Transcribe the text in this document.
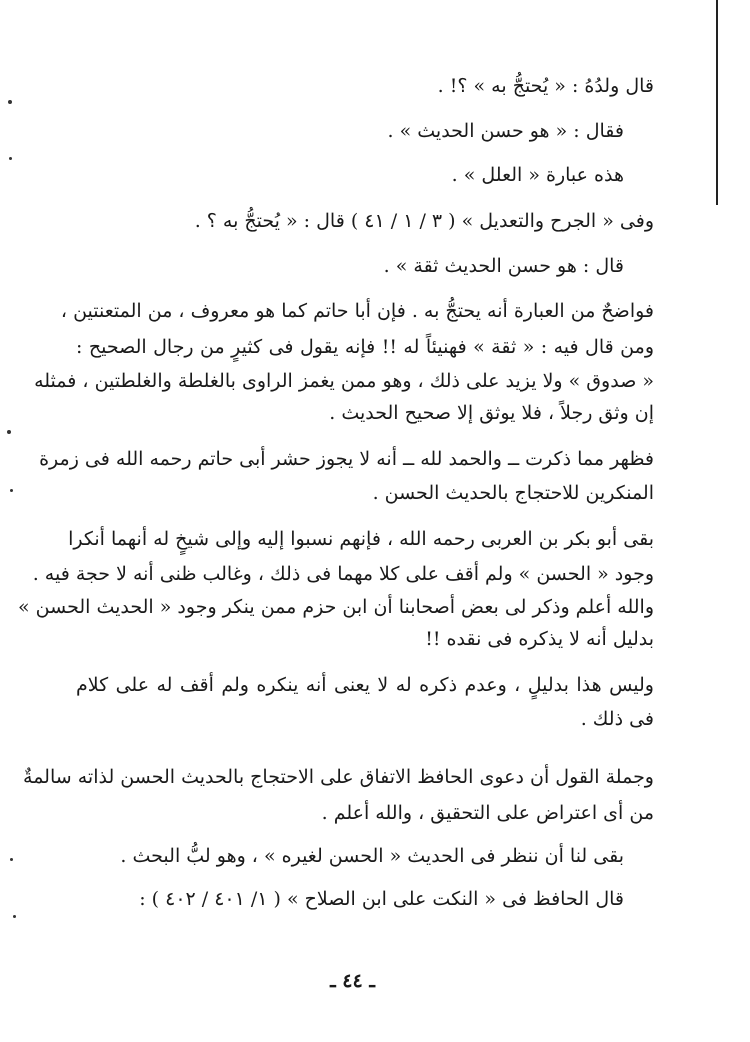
قال ولدُهُ : « يُحتجُّ به » ؟! .
فقال : « هو حسن الحديث » .
هذه عبارة « العلل » .
وفى « الجرح والتعديل » ( ٣ / ١ / ٤١ ) قال : « يُحتجُّ به ؟ .
قال : هو حسن الحديث ثقة » .
فواضحٌ من العبارة أنه يحتجُّ به . فإن أبا حاتم كما هو معروف ، من المتعنتين ،
ومن قال فيه : « ثقة » فهنيئاً له !! فإنه يقول فى كثيرٍ من رجال الصحيح :
« صدوق » ولا يزيد على ذلك ، وهو ممن يغمز الراوى بالغلطة والغلطتين ، فمثله
إن وثق رجلاً ، فلا يوثق إلا صحيح الحديث .
فظهر مما ذكرت ــ والحمد لله ــ أنه لا يجوز حشر أبى حاتم رحمه الله فى زمرة
المنكرين للاحتجاج بالحديث الحسن .
بقى أبو بكر بن العربى رحمه الله ، فإنهم نسبوا إليه وإلى شيخٍ له أنهما أنكرا
وجود « الحسن » ولم أقف على كلا مهما فى ذلك ، وغالب ظنى أنه لا حجة فيه .
والله أعلم وذكر لى بعض أصحابنا أن ابن حزم ممن ينكر وجود « الحديث الحسن »
بدليل أنه لا يذكره فى نقده !!
وليس هذا بدليلٍ ، وعدم ذكره له لا يعنى أنه ينكره ولم أقف له على كلام
فى ذلك .
وجملة القول أن دعوى الحافظ الاتفاق على الاحتجاج بالحديث الحسن لذاته سالمةٌ
من أى اعتراض على التحقيق ، والله أعلم .
بقى لنا أن ننظر فى الحديث « الحسن لغيره » ، وهو لبُّ البحث .
قال الحافظ فى « النكت على ابن الصلاح » ( ١/ ٤٠١ / ٤٠٢ ) :
ـ ٤٤ ـ
